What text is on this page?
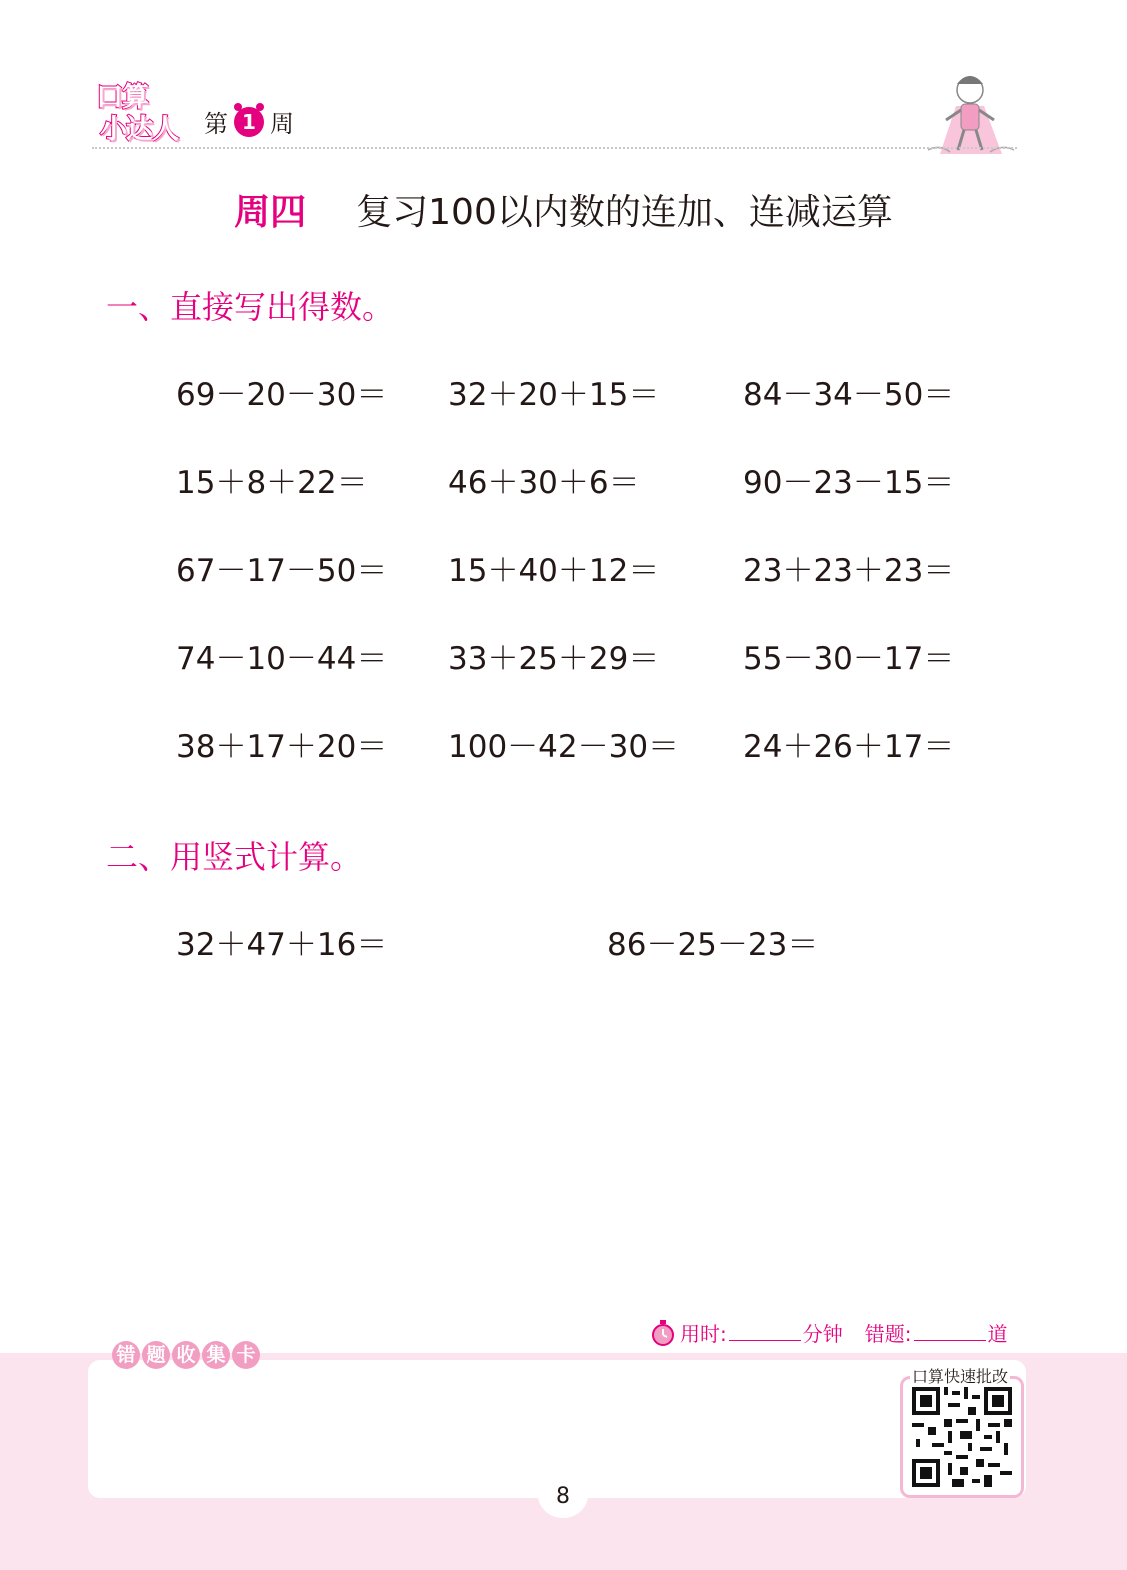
口算
小达人 第 1 周
周四 复习100以内数的连加、连减运算
一、直接写出得数。
69－20－30＝ 32＋20＋15＝	84－34－50＝
15＋8＋22＝	46＋30＋6＝	90－23－15＝
67－17－50＝ 15＋40＋12＝	23＋23＋23＝
74－10－44＝ 33＋25＋29＝	55－30－17＝
38＋17＋20＝ 100－42－30＝ 24＋26＋17＝
二、用竖式计算。
32＋47＋16＝	86－25－23＝
用时:	分钟 错题:	道
错 题 收 集 卡
口算快速批改
8
